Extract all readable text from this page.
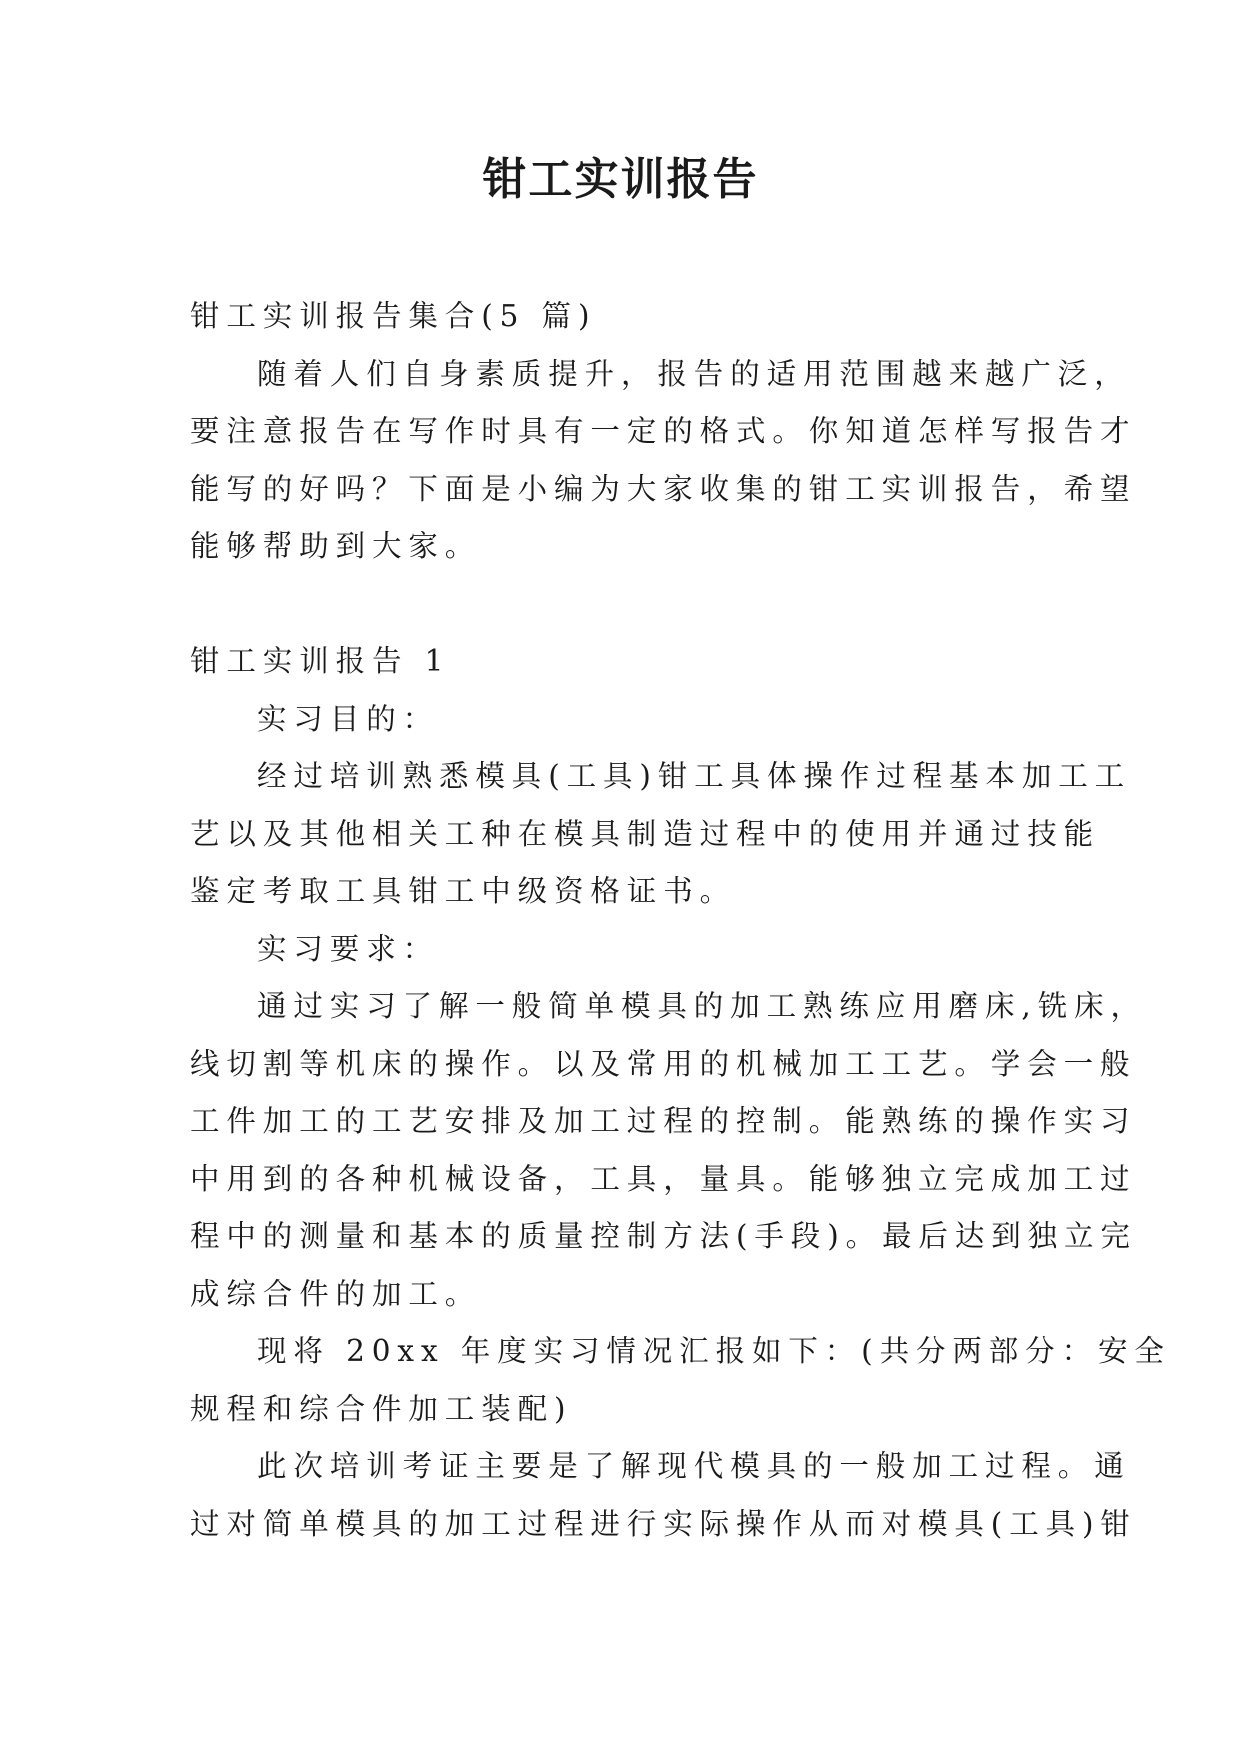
钳工实训报告
钳工实训报告集合(5 篇)
随着人们自身素质提升，报告的适用范围越来越广泛，
要注意报告在写作时具有一定的格式。你知道怎样写报告才
能写的好吗？下面是小编为大家收集的钳工实训报告，希望
能够帮助到大家。
钳工实训报告 1
实习目的：
经过培训熟悉模具(工具)钳工具体操作过程基本加工工
艺以及其他相关工种在模具制造过程中的使用并通过技能
鉴定考取工具钳工中级资格证书。
实习要求：
通过实习了解一般简单模具的加工熟练应用磨床,铣床，
线切割等机床的操作。以及常用的机械加工工艺。学会一般
工件加工的工艺安排及加工过程的控制。能熟练的操作实习
中用到的各种机械设备，工具，量具。能够独立完成加工过
程中的测量和基本的质量控制方法(手段)。最后达到独立完
成综合件的加工。
现将 20xx 年度实习情况汇报如下：(共分两部分：安全
规程和综合件加工装配)
此次培训考证主要是了解现代模具的一般加工过程。通
过对简单模具的加工过程进行实际操作从而对模具(工具)钳
